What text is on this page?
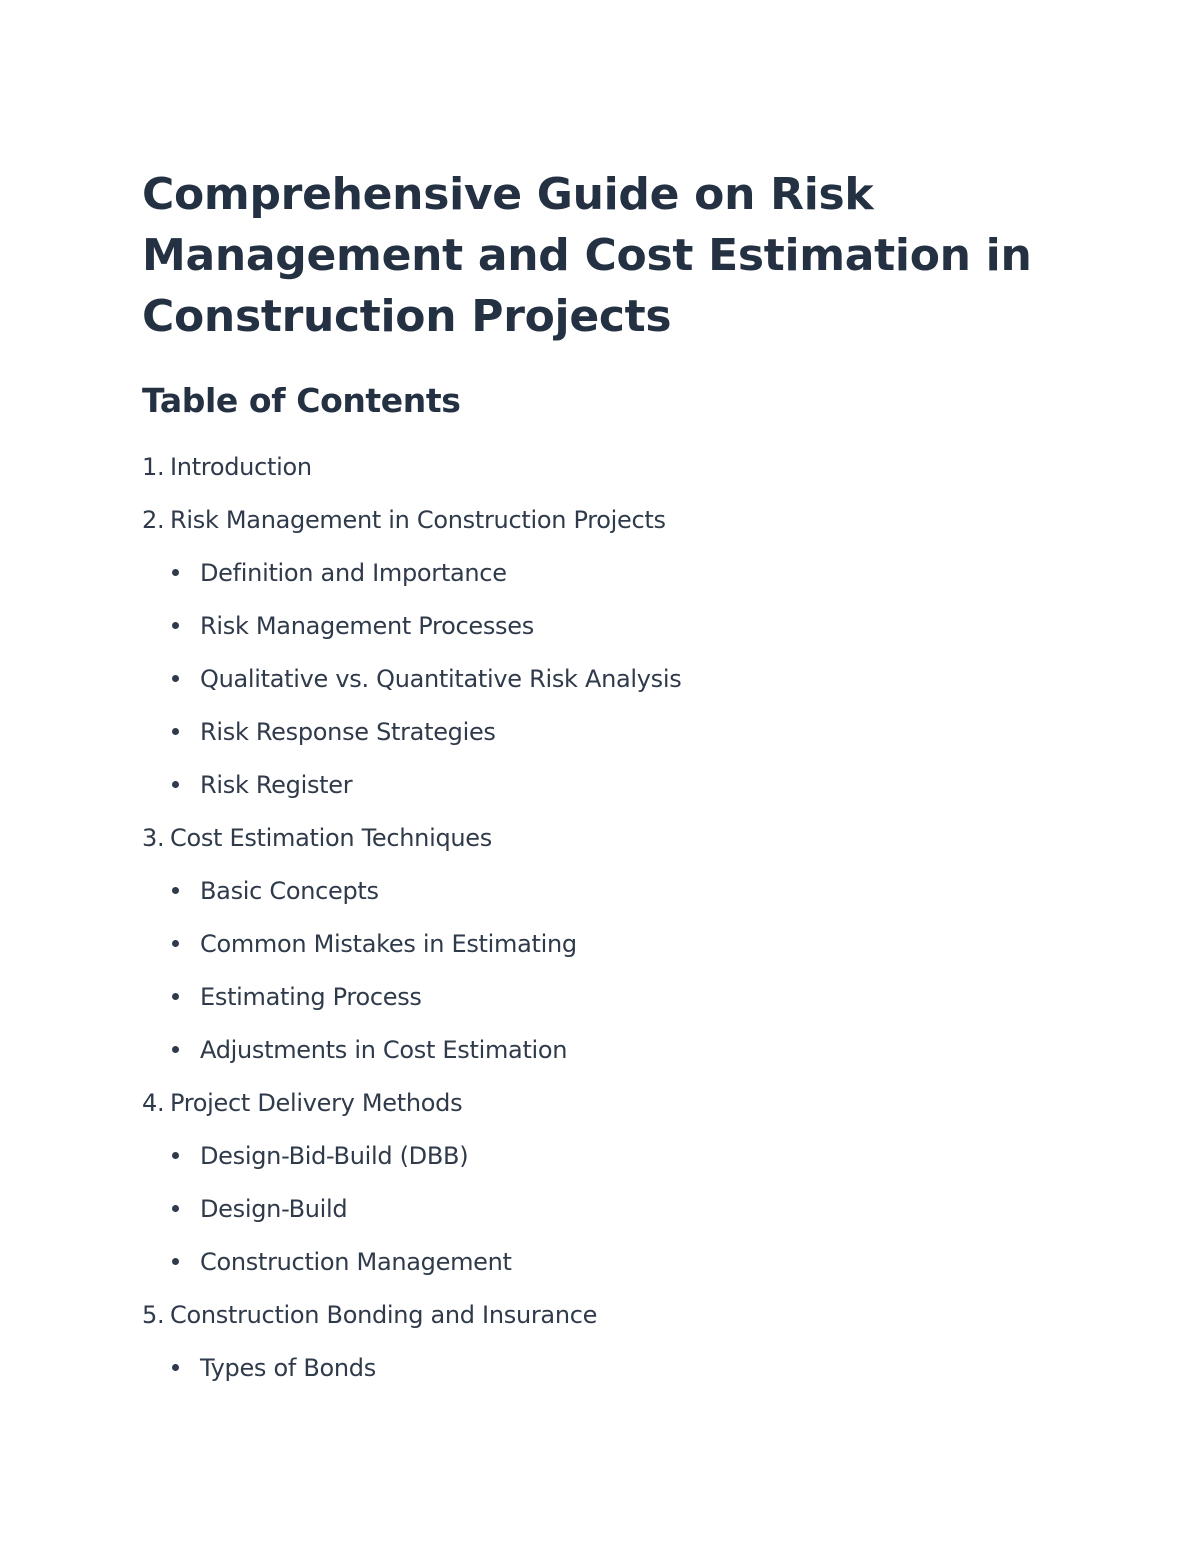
Comprehensive Guide on Risk Management and Cost Estimation in Construction Projects
Table of Contents
1. Introduction
2. Risk Management in Construction Projects
Definition and Importance
Risk Management Processes
Qualitative vs. Quantitative Risk Analysis
Risk Response Strategies
Risk Register
3. Cost Estimation Techniques
Basic Concepts
Common Mistakes in Estimating
Estimating Process
Adjustments in Cost Estimation
4. Project Delivery Methods
Design-Bid-Build (DBB)
Design-Build
Construction Management
5. Construction Bonding and Insurance
Types of Bonds
